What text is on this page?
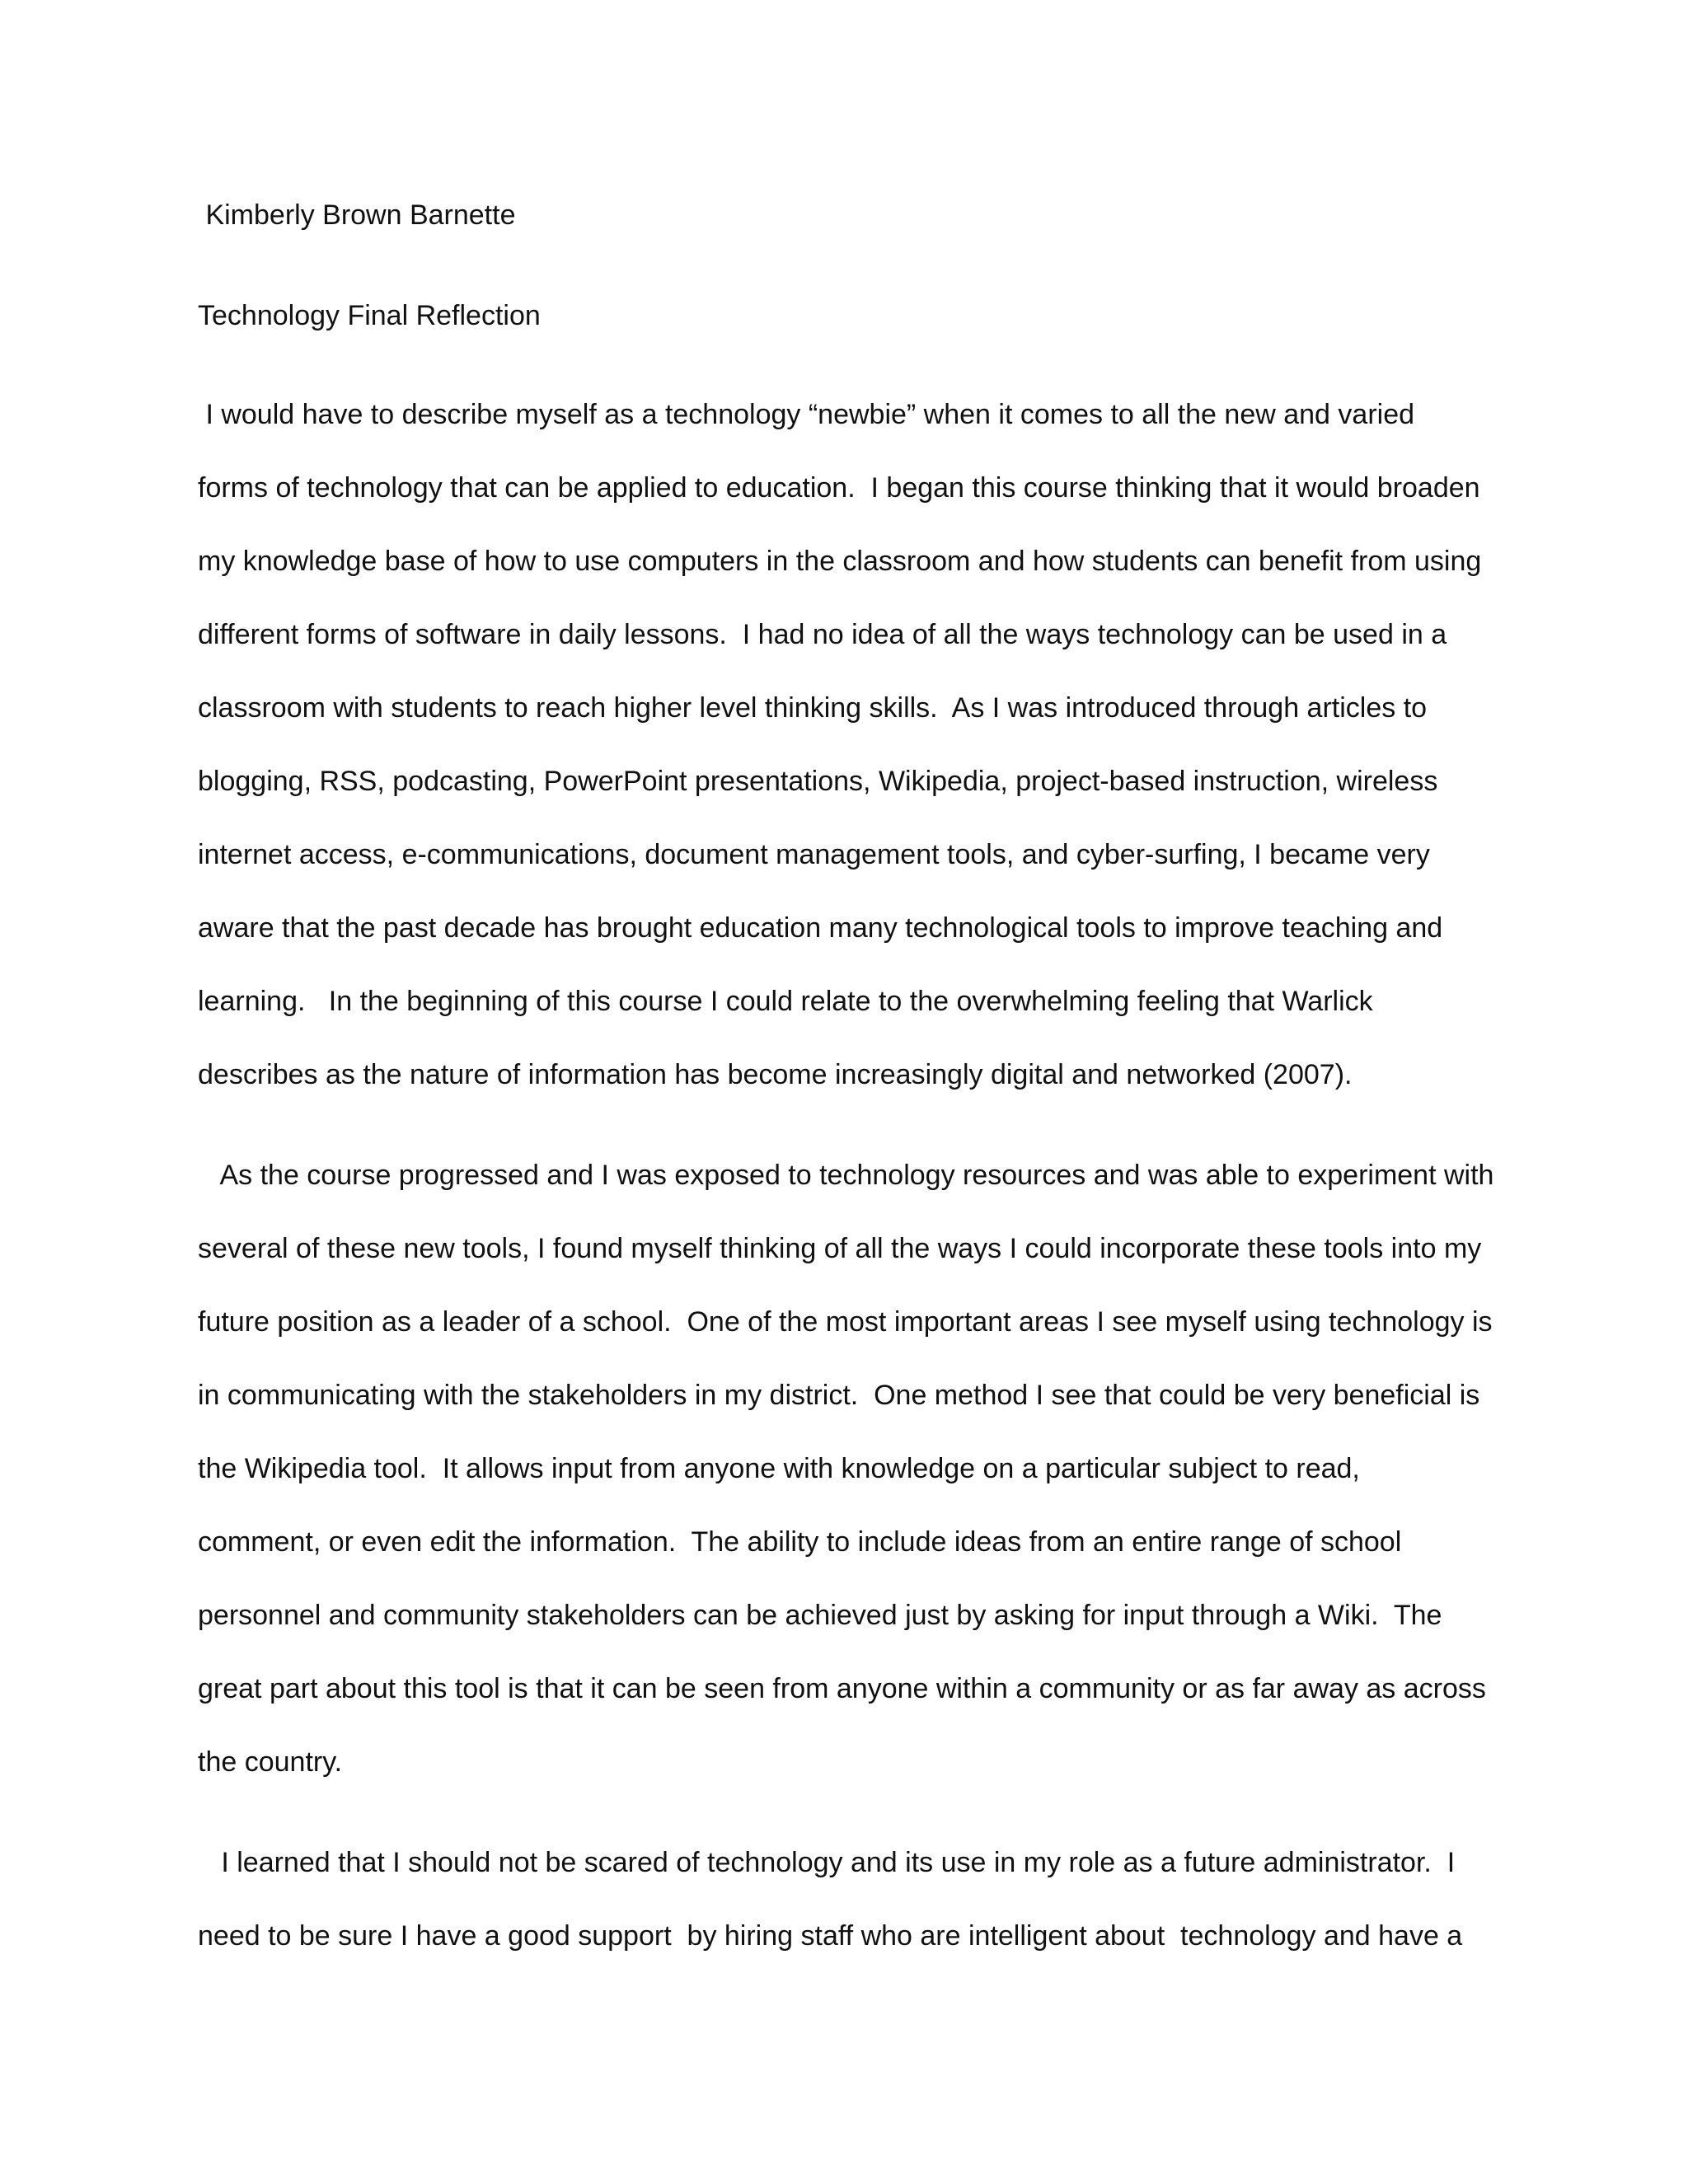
Kimberly Brown Barnette
Technology Final Reflection
I would have to describe myself as a technology “newbie” when it comes to all the new and varied
forms of technology that can be applied to education.  I began this course thinking that it would broaden
my knowledge base of how to use computers in the classroom and how students can benefit from using
different forms of software in daily lessons.  I had no idea of all the ways technology can be used in a
classroom with students to reach higher level thinking skills.  As I was introduced through articles to
blogging, RSS, podcasting, PowerPoint presentations, Wikipedia, project-based instruction, wireless
internet access, e-communications, document management tools, and cyber-surfing, I became very
aware that the past decade has brought education many technological tools to improve teaching and
learning.   In the beginning of this course I could relate to the overwhelming feeling that Warlick
describes as the nature of information has become increasingly digital and networked (2007).
As the course progressed and I was exposed to technology resources and was able to experiment with
several of these new tools, I found myself thinking of all the ways I could incorporate these tools into my
future position as a leader of a school.  One of the most important areas I see myself using technology is
in communicating with the stakeholders in my district.  One method I see that could be very beneficial is
the Wikipedia tool.  It allows input from anyone with knowledge on a particular subject to read,
comment, or even edit the information.  The ability to include ideas from an entire range of school
personnel and community stakeholders can be achieved just by asking for input through a Wiki.  The
great part about this tool is that it can be seen from anyone within a community or as far away as across
the country.
I learned that I should not be scared of technology and its use in my role as a future administrator.  I
need to be sure I have a good support  by hiring staff who are intelligent about  technology and have a
